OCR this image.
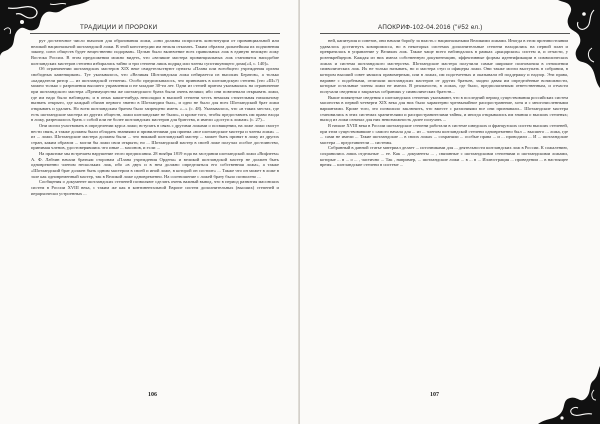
ТРАДИЦИИ И ПРОРОКИ

рут достаточное число masonов для образования ложи, «они должны испросить конституции от провинциальной или великой национальной шотландской ложи. В этой конституции им нельзя отказать. Таким образом дальнейшая их подчинения закону, союз обществ будет вещественно подорван». Целью было включение всех правильных лож в единую великую ложу Востока России. В этом предложении можно видеть, что «великие мастера провинциальных лож становятся наподобие шотландских мастеров степени избирались тайно и три степени лишь подряд или члены супстикующего дома(«4, с. 140]».

Об ограничении шотландских мастеров XIX веке свидетельствуют пункты «Плана или всеобщего учреждения органа свободных каменщиков». Тут указывалось, что «Великая Шотландская ложа избирается из высоких Бератов», а только «кадидатели ритор — из шотландской степени». Особо предписывалось, что принимать в шотландскую степень (это «Ш»?) можно только с разрешения высшего управления и не младше 30-ти лет. Одни из степей притом указывалась на ограничение при шотландского мастера «Преимущества же шотландского брата были очень велики; ибо они повелевали открывать ложи, где им надо было наблюдать; и в оных какие-нибудь неполадки в высшей степени честь немалая стоятельная начальному вызвать открыто, где каждый обязан первого знатно в Шотландии был», и одно не было для всех Шотландский брат ложи открывать и удалять. Но всем шотландским братом было запрещено иметь «...» (с. 48). Указывалось, что «в таких местах, где есть шотландские мастера из других обществ, ложи шотландские не были», и кроме того, чтобы предоставить им право входа в ложу, разрешалось брать с собой или не более шотландских мастеров для братства, и имели «доступ к ложам» (с. 27)...

Они могли участвовать в определении курса ложи; вступать в связь с другими ложами о посвящении, на ложе ложи смогут вести связь, а также должны были обладать знаниями и привилегиями для приема «все шотландские мастера и члены ложи» ... из ... ложи. Шотландские мастера должны были ... что никакой шотландский мастер ... может быть принят в ложу из других стран, каким образом ... могли бы ложи свои открыть; но ... Шотландский мастер в своей ложе получал особое достоинство, принимая членов, удостоверявшись что иные ... масонов, и если ...

На практике мы встречаем нарушение этого предписания. 28 ноября 1819 года на заседании шотландской ложи «Вифлеем» А. Ф. Лабзин начали братьям сторонам «Плана учреждения Ордена» и великой шотландской мастер не должен быть одновременно членом нескольких лож, ибо «в двух и в нем должно определяться его собственная ложа», а также «Шотландский брат должен быть одним мастером в своей и иной ложе, в которой он состоит» ... Также что он может в ложе в зале как одновременный мастер, так в Великой ложе одновременно. На соотношение с ложей брату было позволено ...

Сообщения о документе шотландских степеней позволяют сделать очень важный вывод, что в период развития масонских систем в России XVIII века, с таким же как в континентальной Европе систем дополнительных (высших) степеней и иерархически устроенных ...

106
АПОКРИФ-102-04.2016 ("#52 ел.)

ней, капитулия и советов, они начали борьбу за власть с национальными Великими ложами. Иногда в этом противостоянии удавалось достигнуть компромисса, но в некоторых системах дополнительные степени находились на первой план и превратилась в управление у Великих лож. Также чаще всего наблюдалась в рамках «рыцарских» систем и, и отчасти, у розенкрейцеров. Каждая из них имела собственную документацию, эффективные формы идентификации в символических ложах и система шотландского мастерства. Шотландские мастера получили самые широкие полномочия в отношении символических лож. Их не только называть, но и мастера ступ и офицеры ложи. Они также могли выступать в собрании, в котором высший совет являлся правомерным, или в ложах, им подотчетных и оказывали ей поддержку и надзор. Эти права, наравне с подобными, отличали шотландских мастеров от других братьев, заодно давая им определённые возможности, которые остальные члены ложи не имели. В реальности, в ложах, где было, предполагаемым ответственным, и отчасти получали сведения о закрытых собраниях у символических братств...

Выше помянутые сведения о шотландских степенях указывают, что в последний период существования российских систем масонства в первой четверти XIX века для них было характерно чрезвычайное распространение, хотя и с многочисленными вариантами. Кроме того, это позволило заключить, что вместе с различиями все они признавали... Шотландские мастера становились в этих системах хранителями и распространителями тайны, и иногда открывались им знания о высших степенях; выход из ложи означал для них невозможность далее получать ...

В начале XVIII века в России шотландские степени работали в системе шведских и французских систем высших степеней, при этом существовавшие с самого начала для ... из ... членом шотландской степени одновременно был ... высшего ... ложа, где ... сами не имели ... Такие шотландские ... в своих ложах ... сохраняли ... особые права ... и ... проводили ... И ... шотландские мастера ... представители ... системы.

Собранный в данной статье материал делает ... источниками для ... деятельности шотландских лож в России. К сожалению, сохранились лишь отдельные ... ее. Как ... документы ... , связанные с шотландскими степенями и шотландскими ложами, которые ... в ... о ... , частично ... Так , например, ... шотландские ложи ... в ... в ... Иллюстрация ... проведении ... в настоящее время ... шотландские степени в системе ...

107
